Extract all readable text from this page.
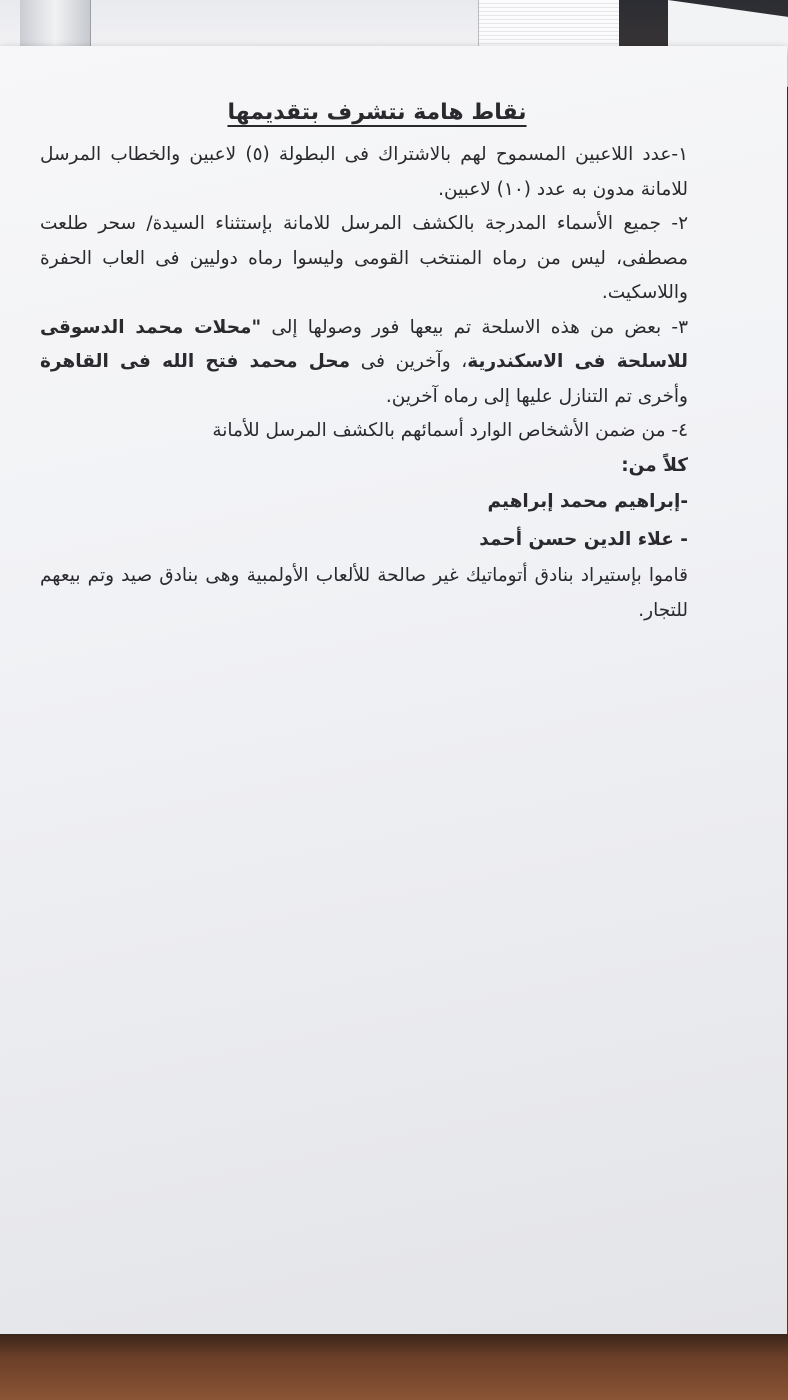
نقاط هامة نتشرف بتقديمها

١-عدد اللاعبين المسموح لهم بالاشتراك فى البطولة (٥) لاعبين والخطاب المرسل للامانة مدون به عدد (١٠) لاعبين.

٢- جميع الأسماء المدرجة بالكشف المرسل للامانة بإستثناء السيدة/ سحر طلعت مصطفى، ليس من رماه المنتخب القومى وليسوا رماه دوليين فى العاب الحفرة واللاسكيت.

٣- بعض من هذه الاسلحة تم بيعها فور وصولها إلى "محلات محمد الدسوقى للاسلحة فى الاسكندرية، وآخرين فى محل محمد فتح الله فى القاهرة وأخرى تم التنازل عليها إلى رماه آخرين.

٤- من ضمن الأشخاص الوارد أسمائهم بالكشف المرسل للأمانة

كلاً من:

-إبراهيم محمد إبراهيم

- علاء الدين حسن أحمد

قاموا بإستيراد بنادق أتوماتيك غير صالحة للألعاب الأولمبية وهى بنادق صيد وتم بيعهم للتجار.
